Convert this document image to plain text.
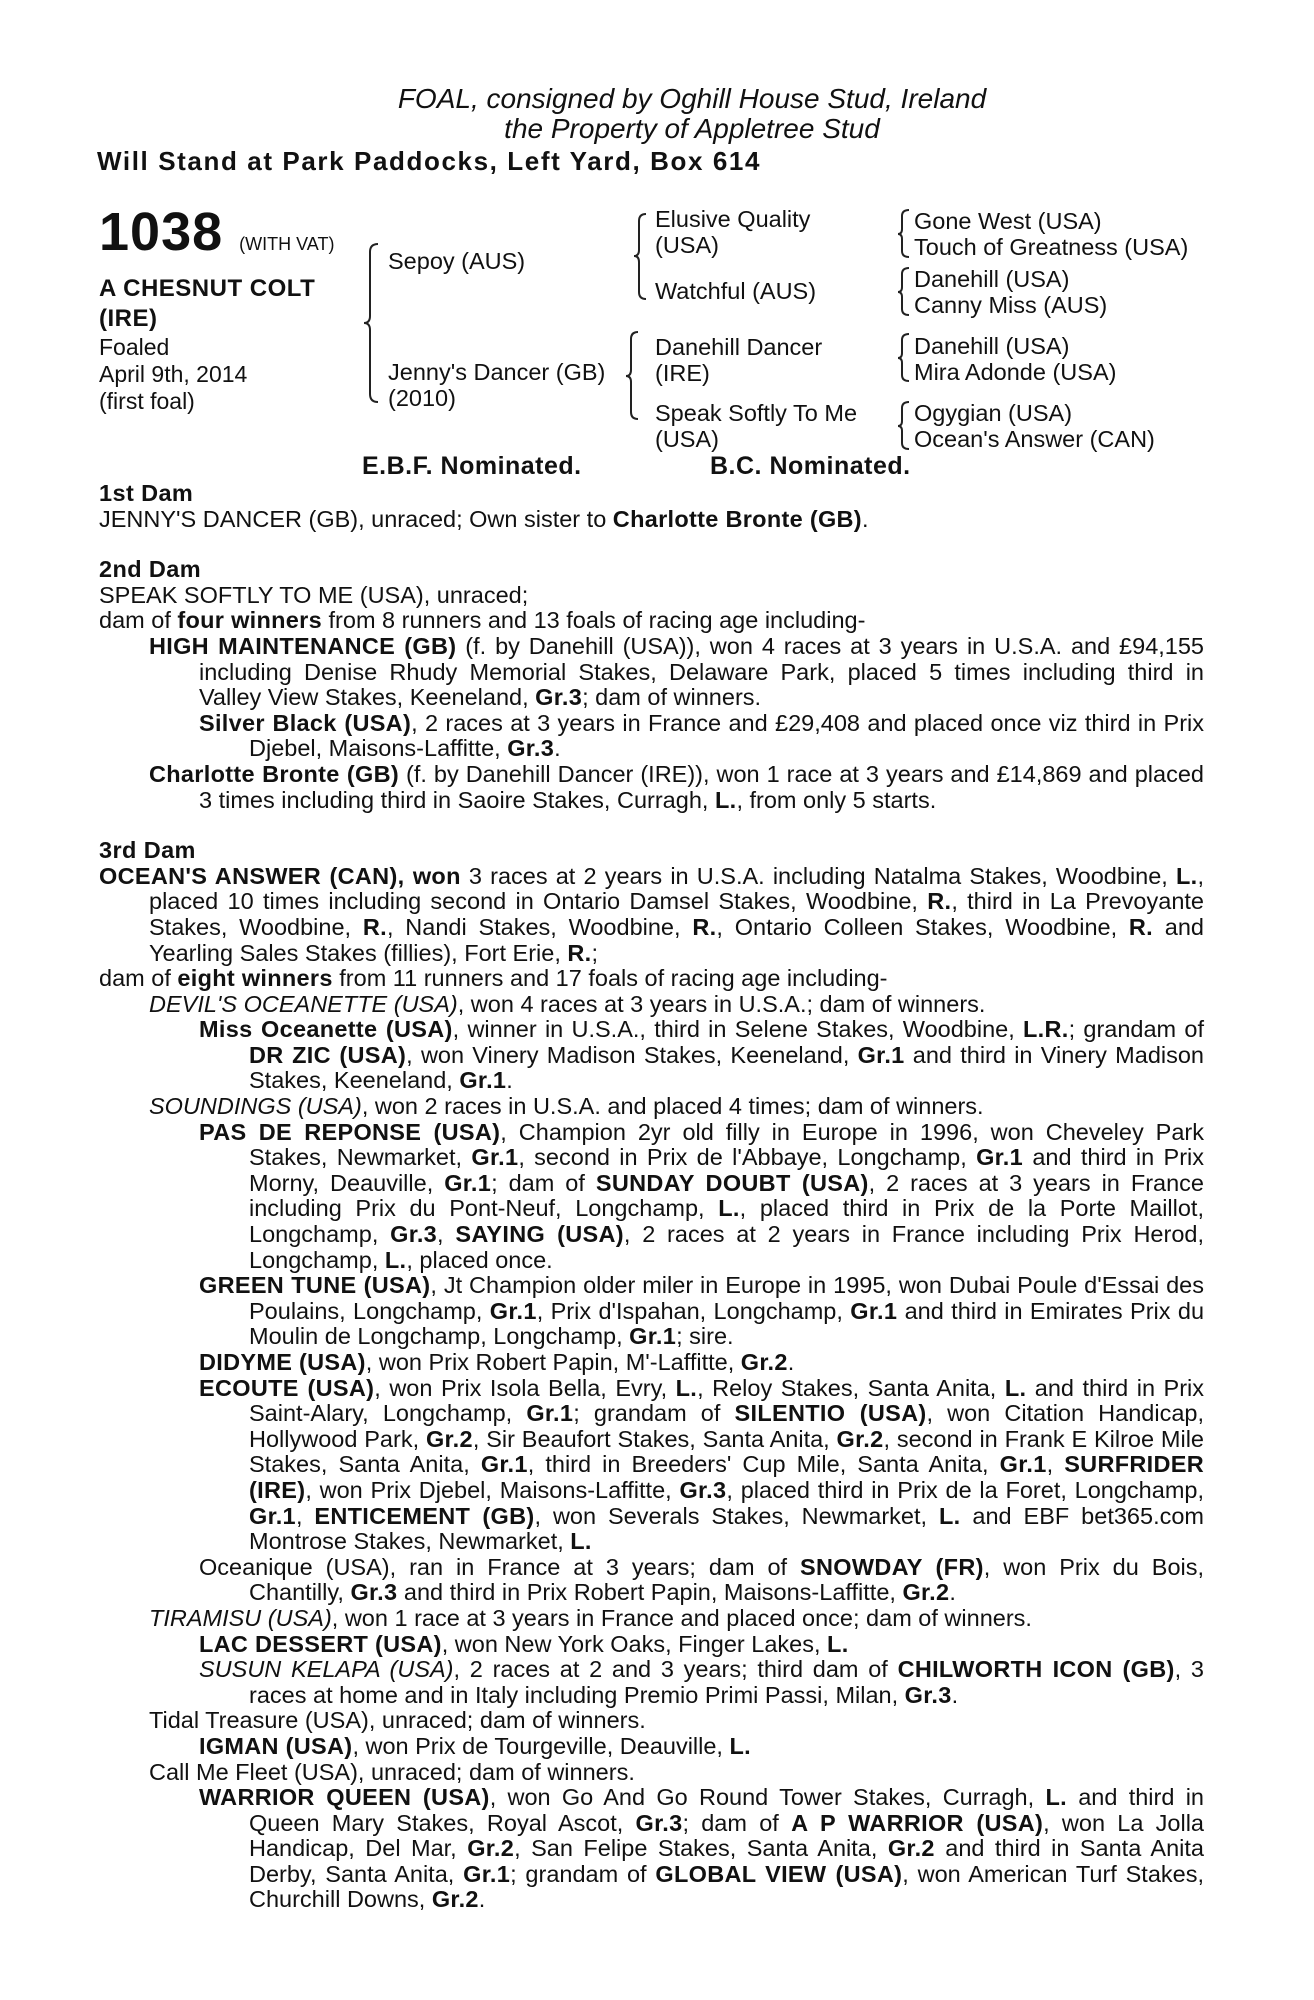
FOAL, consigned by Oghill House Stud, Ireland
the Property of Appletree Stud
Will Stand at Park Paddocks, Left Yard, Box 614
1038 (WITH VAT)
A CHESNUT COLT
(IRE)
Foaled
April 9th, 2014
(first foal)
Sepoy (AUS)
Jenny's Dancer (GB)
(2010)
Elusive Quality
(USA)
Watchful (AUS)
Danehill Dancer
(IRE)
Speak Softly To Me
(USA)
Gone West (USA)
Touch of Greatness (USA)
Danehill (USA)
Canny Miss (AUS)
Danehill (USA)
Mira Adonde (USA)
Ogygian (USA)
Ocean's Answer (CAN)
E.B.F. Nominated.	B.C. Nominated.

1st Dam

JENNY'S DANCER (GB), unraced; Own sister to Charlotte Bronte (GB).

2nd Dam

SPEAK SOFTLY TO ME (USA), unraced;

dam of four winners from 8 runners and 13 foals of racing age including-

HIGH MAINTENANCE (GB) (f. by Danehill (USA)), won 4 races at 3 years in U.S.A. and £94,155 including Denise Rhudy Memorial Stakes, Delaware Park, placed 5 times including third in Valley View Stakes, Keeneland, Gr.3; dam of winners.

Silver Black (USA), 2 races at 3 years in France and £29,408 and placed once viz third in Prix Djebel, Maisons-Laffitte, Gr.3.

Charlotte Bronte (GB) (f. by Danehill Dancer (IRE)), won 1 race at 3 years and £14,869 and placed 3 times including third in Saoire Stakes, Curragh, L., from only 5 starts.

3rd Dam

OCEAN'S ANSWER (CAN), won 3 races at 2 years in U.S.A. including Natalma Stakes, Woodbine, L., placed 10 times including second in Ontario Damsel Stakes, Woodbine, R., third in La Prevoyante Stakes, Woodbine, R., Nandi Stakes, Woodbine, R., Ontario Colleen Stakes, Woodbine, R. and Yearling Sales Stakes (fillies), Fort Erie, R.;

dam of eight winners from 11 runners and 17 foals of racing age including-

DEVIL'S OCEANETTE (USA), won 4 races at 3 years in U.S.A.; dam of winners.

Miss Oceanette (USA), winner in U.S.A., third in Selene Stakes, Woodbine, L.R.; grandam of DR ZIC (USA), won Vinery Madison Stakes, Keeneland, Gr.1 and third in Vinery Madison Stakes, Keeneland, Gr.1.

SOUNDINGS (USA), won 2 races in U.S.A. and placed 4 times; dam of winners.

PAS DE REPONSE (USA), Champion 2yr old filly in Europe in 1996, won Cheveley Park Stakes, Newmarket, Gr.1, second in Prix de l'Abbaye, Longchamp, Gr.1 and third in Prix Morny, Deauville, Gr.1; dam of SUNDAY DOUBT (USA), 2 races at 3 years in France including Prix du Pont-Neuf, Longchamp, L., placed third in Prix de la Porte Maillot, Longchamp, Gr.3, SAYING (USA), 2 races at 2 years in France including Prix Herod, Longchamp, L., placed once.

GREEN TUNE (USA), Jt Champion older miler in Europe in 1995, won Dubai Poule d'Essai des Poulains, Longchamp, Gr.1, Prix d'Ispahan, Longchamp, Gr.1 and third in Emirates Prix du Moulin de Longchamp, Longchamp, Gr.1; sire.

DIDYME (USA), won Prix Robert Papin, M'-Laffitte, Gr.2.

ECOUTE (USA), won Prix Isola Bella, Evry, L., Reloy Stakes, Santa Anita, L. and third in Prix Saint-Alary, Longchamp, Gr.1; grandam of SILENTIO (USA), won Citation Handicap, Hollywood Park, Gr.2, Sir Beaufort Stakes, Santa Anita, Gr.2, second in Frank E Kilroe Mile Stakes, Santa Anita, Gr.1, third in Breeders' Cup Mile, Santa Anita, Gr.1, SURFRIDER (IRE), won Prix Djebel, Maisons-Laffitte, Gr.3, placed third in Prix de la Foret, Longchamp, Gr.1, ENTICEMENT (GB), won Severals Stakes, Newmarket, L. and EBF bet365.com Montrose Stakes, Newmarket, L.

Oceanique (USA), ran in France at 3 years; dam of SNOWDAY (FR), won Prix du Bois, Chantilly, Gr.3 and third in Prix Robert Papin, Maisons-Laffitte, Gr.2.

TIRAMISU (USA), won 1 race at 3 years in France and placed once; dam of winners.

LAC DESSERT (USA), won New York Oaks, Finger Lakes, L.

SUSUN KELAPA (USA), 2 races at 2 and 3 years; third dam of CHILWORTH ICON (GB), 3 races at home and in Italy including Premio Primi Passi, Milan, Gr.3.

Tidal Treasure (USA), unraced; dam of winners.

IGMAN (USA), won Prix de Tourgeville, Deauville, L.

Call Me Fleet (USA), unraced; dam of winners.

WARRIOR QUEEN (USA), won Go And Go Round Tower Stakes, Curragh, L. and third in Queen Mary Stakes, Royal Ascot, Gr.3; dam of A P WARRIOR (USA), won La Jolla Handicap, Del Mar, Gr.2, San Felipe Stakes, Santa Anita, Gr.2 and third in Santa Anita Derby, Santa Anita, Gr.1; grandam of GLOBAL VIEW (USA), won American Turf Stakes, Churchill Downs, Gr.2.
